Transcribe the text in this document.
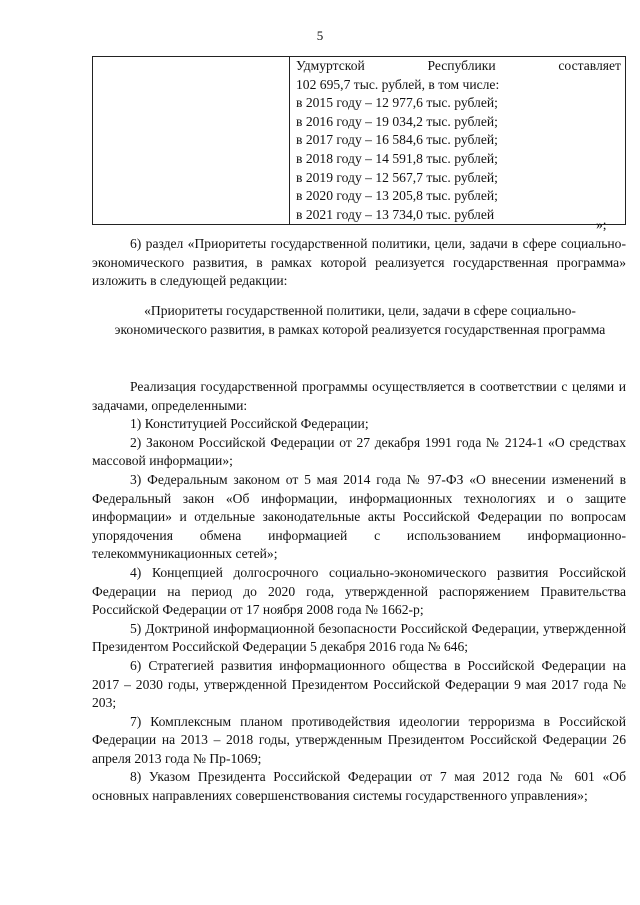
5

Удмуртской Республики составляет
102 695,7 тыс. рублей, в том числе:
в 2015 году – 12 977,6 тыс. рублей;
в 2016 году – 19 034,2 тыс. рублей;
в 2017 году – 16 584,6 тыс. рублей;
в 2018 году – 14 591,8 тыс. рублей;
в 2019 году – 12 567,7 тыс. рублей;
в 2020 году – 13 205,8 тыс. рублей;
в 2021 году – 13 734,0 тыс. рублей
»;

6) раздел «Приоритеты государственной политики, цели, задачи в сфере социально-экономического развития, в рамках которой реализуется государственная программа» изложить в следующей редакции:

«Приоритеты государственной политики, цели, задачи в сфере социально-экономического развития, в рамках которой реализуется государственная программа

Реализация государственной программы осуществляется в соответствии с целями и задачами, определенными:

1) Конституцией Российской Федерации;

2) Законом Российской Федерации от 27 декабря 1991 года № 2124-1 «О средствах массовой информации»;

3) Федеральным законом от 5 мая 2014 года № 97-ФЗ «О внесении изменений в Федеральный закон «Об информации, информационных технологиях и о защите информации» и отдельные законодательные акты Российской Федерации по вопросам упорядочения обмена информацией с использованием информационно-телекоммуникационных сетей»;

4) Концепцией долгосрочного социально-экономического развития Российской Федерации на период до 2020 года, утвержденной распоряжением Правительства Российской Федерации от 17 ноября 2008 года № 1662-р;

5) Доктриной информационной безопасности Российской Федерации, утвержденной Президентом Российской Федерации 5 декабря 2016 года № 646;

6) Стратегией развития информационного общества в Российской Федерации на 2017 – 2030 годы, утвержденной Президентом Российской Федерации 9 мая 2017 года № 203;

7) Комплексным планом противодействия идеологии терроризма в Российской Федерации на 2013 – 2018 годы, утвержденным Президентом Российской Федерации 26 апреля 2013 года № Пр-1069;

8) Указом Президента Российской Федерации от 7 мая 2012 года № 601 «Об основных направлениях совершенствования системы государственного управления»;
